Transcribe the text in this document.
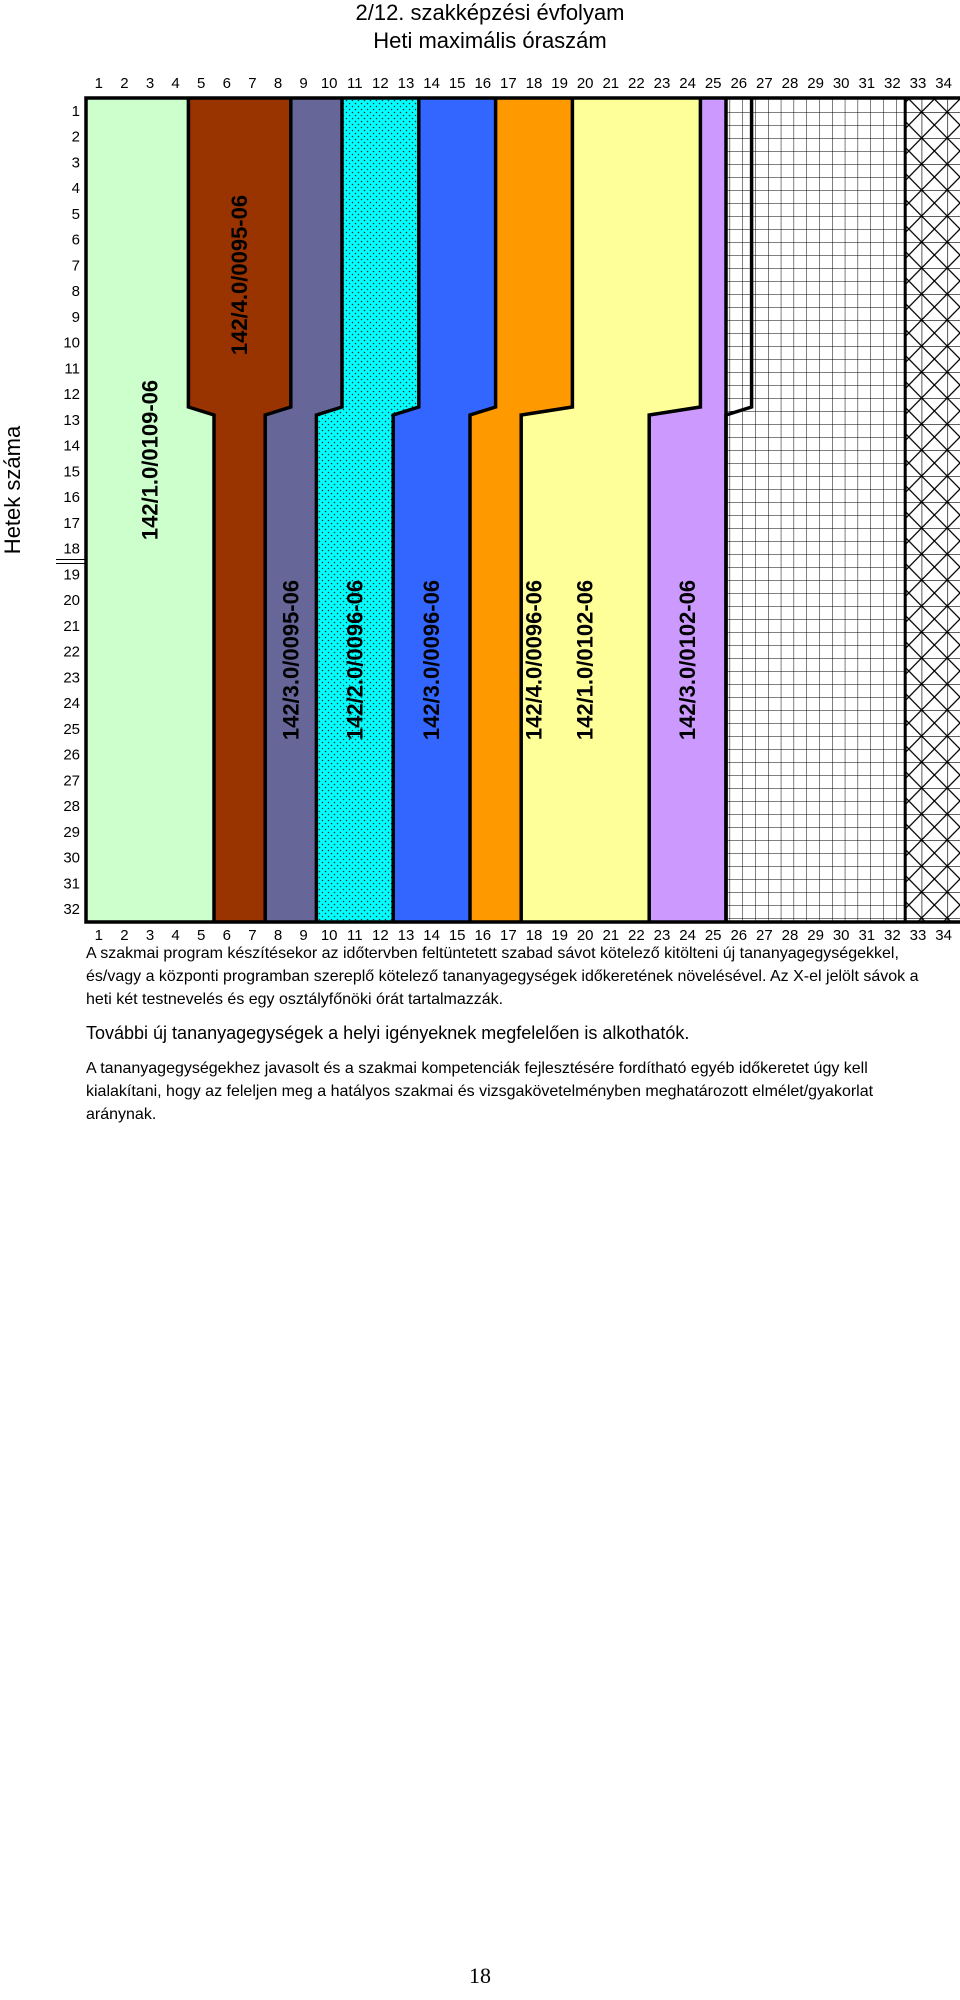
2/12. szakképzési évfolyam
Heti maximális óraszám
142/1.0/0109-06
142/4.0/0095-06
142/3.0/0095-06 142/2.0/0096-06 142/3.0/0096-06	142/4.0/0096-06 142/1.0/0102-06	142/3.0/0102-06
1
1
2
2
3
3
4
4
5
5
6
6
7
7
8
8
9
9
10
10
11
11
12
12
13
13
14
14
15
15
16
16
17
17
18
18
19
19
20
20
21
21
22
22
23
23
24
24
25
25
26
26
27
27
28
28
29
29
30
30
31
31
32
32
33
33
34
34
1
2
3
4
5
6
7
8
9
10
11
12
13
14
15
16
17
18
19
20
21
22
23
24
25
26
27
28
29
30
31
32
Hetek száma

A szakmai program készítésekor az időtervben feltüntetett szabad sávot kötelező kitölteni új tananyagegységekkel, és/vagy a központi programban szereplő kötelező tananyagegységek időkeretének növelésével. Az X-el jelölt sávok a heti két testnevelés és egy osztályfőnöki órát tartalmazzák.

További új tananyagegységek a helyi igényeknek megfelelően is alkothatók.

A tananyagegységekhez javasolt és a szakmai kompetenciák fejlesztésére fordítható egyéb időkeretet úgy kell kialakítani, hogy az feleljen meg a hatályos szakmai és vizsgakövetelményben meghatározott elmélet/gyakorlat aránynak.

18
